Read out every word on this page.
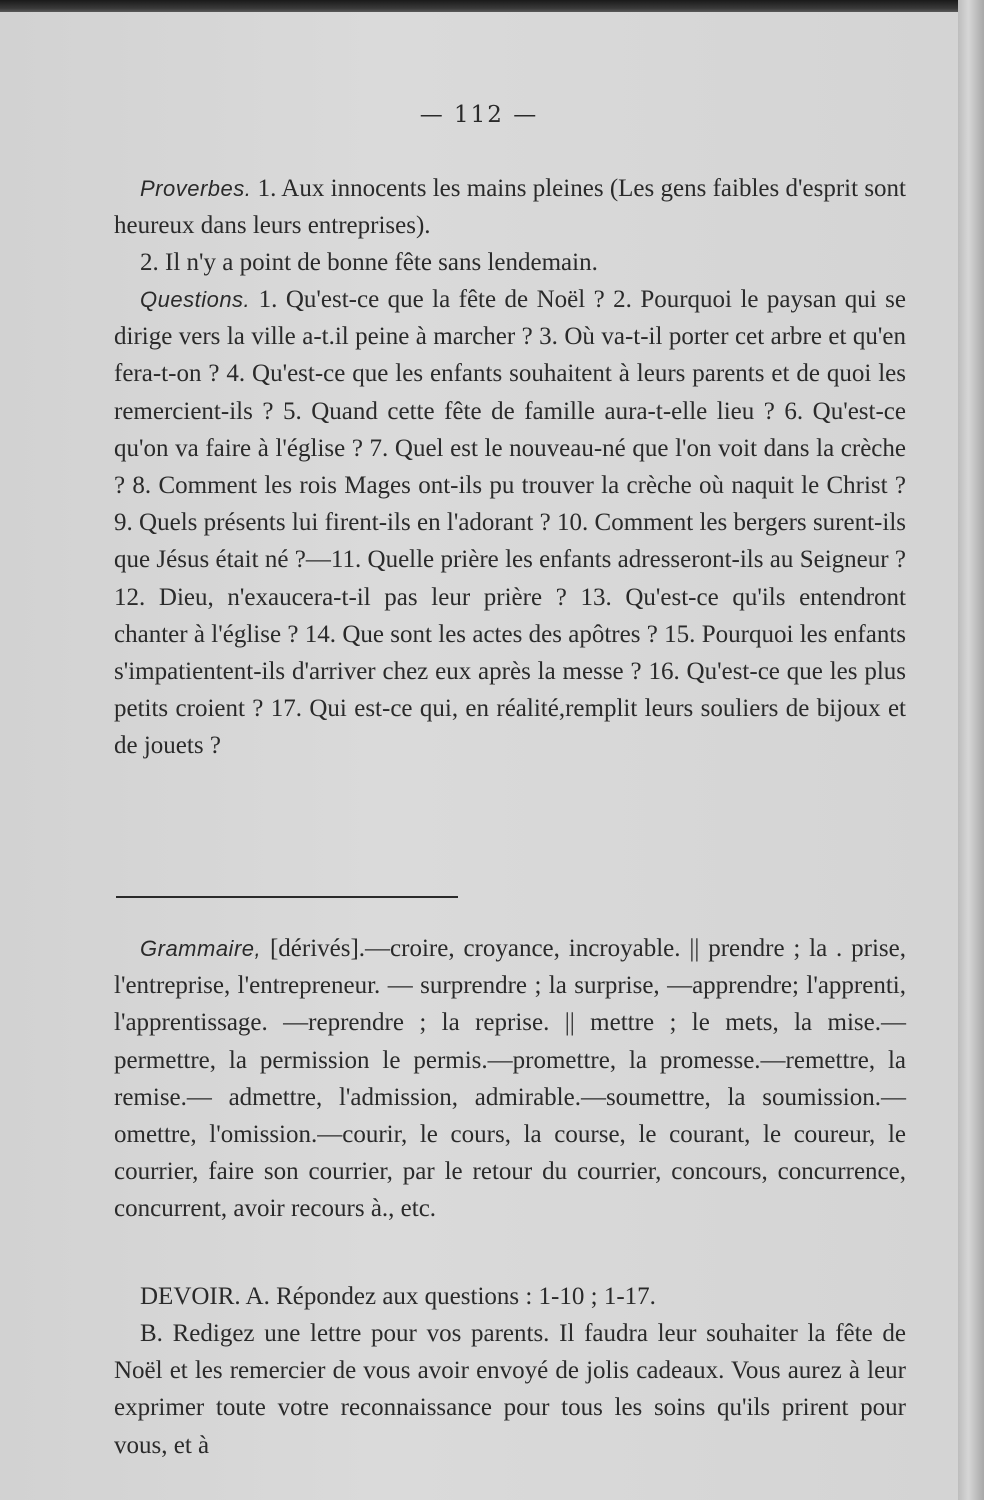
— 112 —

Proverbes. 1. Aux innocents les mains pleines (Les gens faibles d'esprit sont heureux dans leurs entreprises).

2. Il n'y a point de bonne fête sans lendemain.

Questions. 1. Qu'est-ce que la fête de Noël ? 2. Pourquoi le paysan qui se dirige vers la ville a-t.il peine à marcher ? 3. Où va-t-il porter cet arbre et qu'en fera-t-on ? 4. Qu'est-ce que les enfants souhaitent à leurs parents et de quoi les remercient-ils ? 5. Quand cette fête de famille aura-t-elle lieu ? 6. Qu'est-ce qu'on va faire à l'église ? 7. Quel est le nouveau-né que l'on voit dans la crèche ? 8. Comment les rois Mages ont-ils pu trouver la crèche où naquit le Christ ? 9. Quels présents lui firent-ils en l'adorant ? 10. Comment les bergers surent-ils que Jésus était né ?—11. Quelle prière les enfants adresseront-ils au Seigneur ? 12. Dieu, n'exaucera-t-il pas leur prière ? 13. Qu'est-ce qu'ils entendront chanter à l'église ? 14. Que sont les actes des apôtres ? 15. Pourquoi les enfants s'impatientent-ils d'arriver chez eux après la messe ? 16. Qu'est-ce que les plus petits croient ? 17. Qui est-ce qui, en réalité,remplit leurs souliers de bijoux et de jouets ?

Grammaire, [dérivés].—croire, croyance, incroyable. || prendre ; la . prise, l'entreprise, l'entrepreneur. — surprendre ; la surprise, —apprendre; l'apprenti, l'apprentissage. —reprendre ; la reprise. || mettre ; le mets, la mise.—permettre, la permission le permis.—promettre, la promesse.—remettre, la remise.— admettre, l'admission, admirable.—soumettre, la soumission.— omettre, l'omission.—courir, le cours, la course, le courant, le coureur, le courrier, faire son courrier, par le retour du courrier, concours, concurrence, concurrent, avoir recours à., etc.

DEVOIR. A. Répondez aux questions : 1-10 ; 1-17.

B. Redigez une lettre pour vos parents. Il faudra leur souhaiter la fête de Noël et les remercier de vous avoir envoyé de jolis cadeaux. Vous aurez à leur exprimer toute votre reconnaissance pour tous les soins qu'ils prirent pour vous, et à
